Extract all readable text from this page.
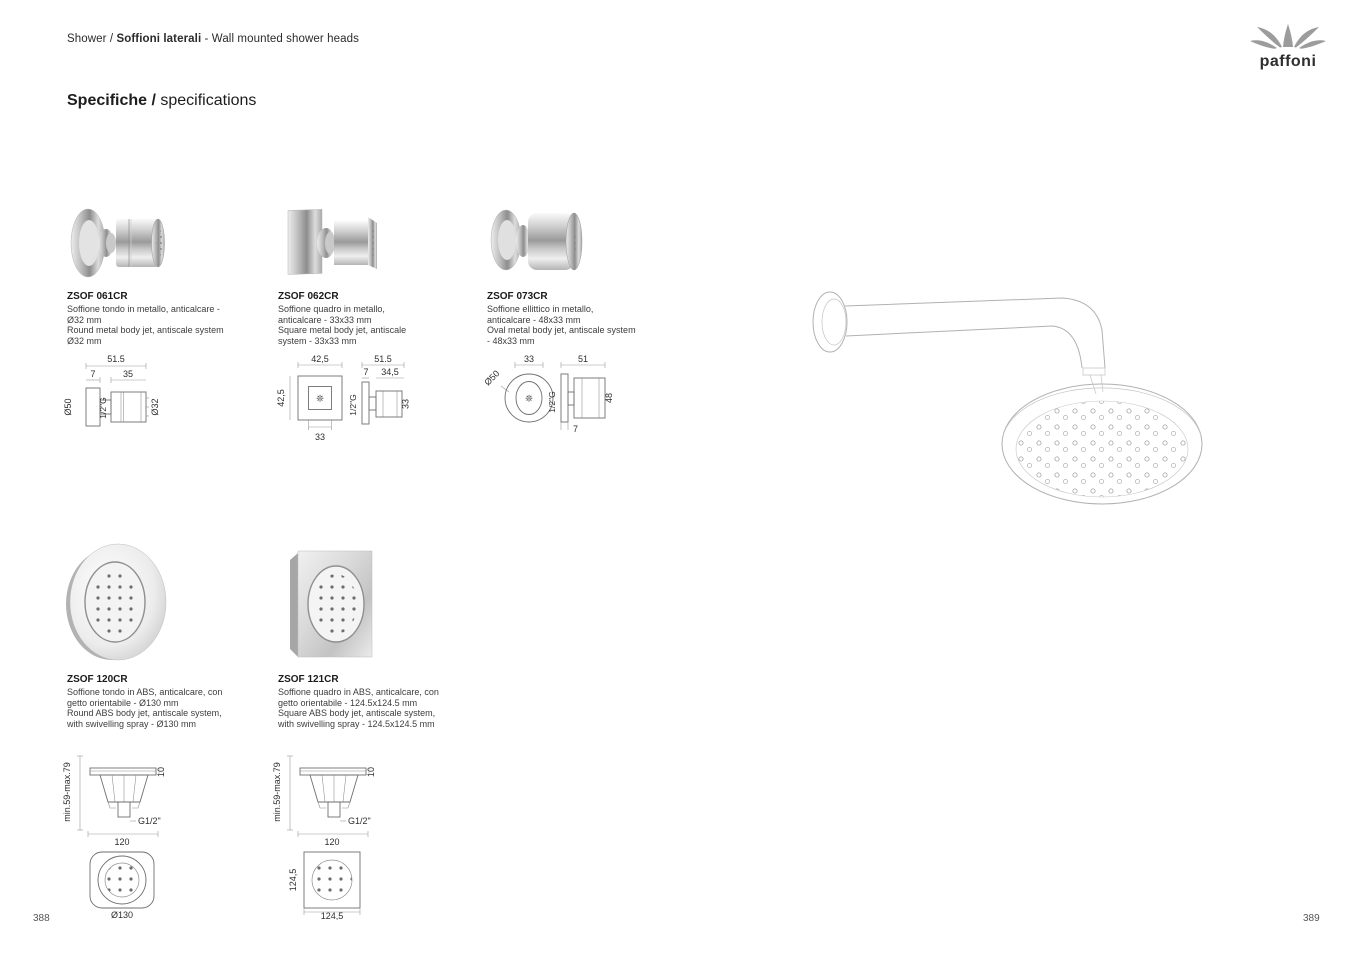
Shower / Soffioni laterali - Wall mounted shower heads
paffoni
Specifiche / specifications

ZSOF 061CR

Soffione tondo in metallo, anticalcare - Ø32 mm

Round metal body jet, antiscale system Ø32 mm

51.5
7	35
Ø50	1/2"G	Ø32

ZSOF 062CR

Soffione quadro in metallo, anticalcare - 33x33 mm

Square metal body jet, antiscale system - 33x33 mm

42,5
42,5	❊
33
51.5
7 34,5
1/2"G	33

ZSOF 073CR

Soffione ellittico in metallo, anticalcare - 48x33 mm

Oval metal body jet, antiscale system - 48x33 mm

33
Ø50
❊
51
1/2"G	48
7

ZSOF 120CR

Soffione tondo in ABS, anticalcare, con getto orientabile - Ø130 mm

Round ABS body jet, antiscale system, with swivelling spray - Ø130 mm

min.59-max.79	10
G1/2"
120
Ø130

ZSOF 121CR

Soffione quadro in ABS, anticalcare, con getto orientabile - 124.5x124.5 mm

Square ABS body jet, antiscale system, with swivelling spray - 124.5x124.5 mm

min.59-max.79	10
G1/2"
120
124,5
124,5
388	389
